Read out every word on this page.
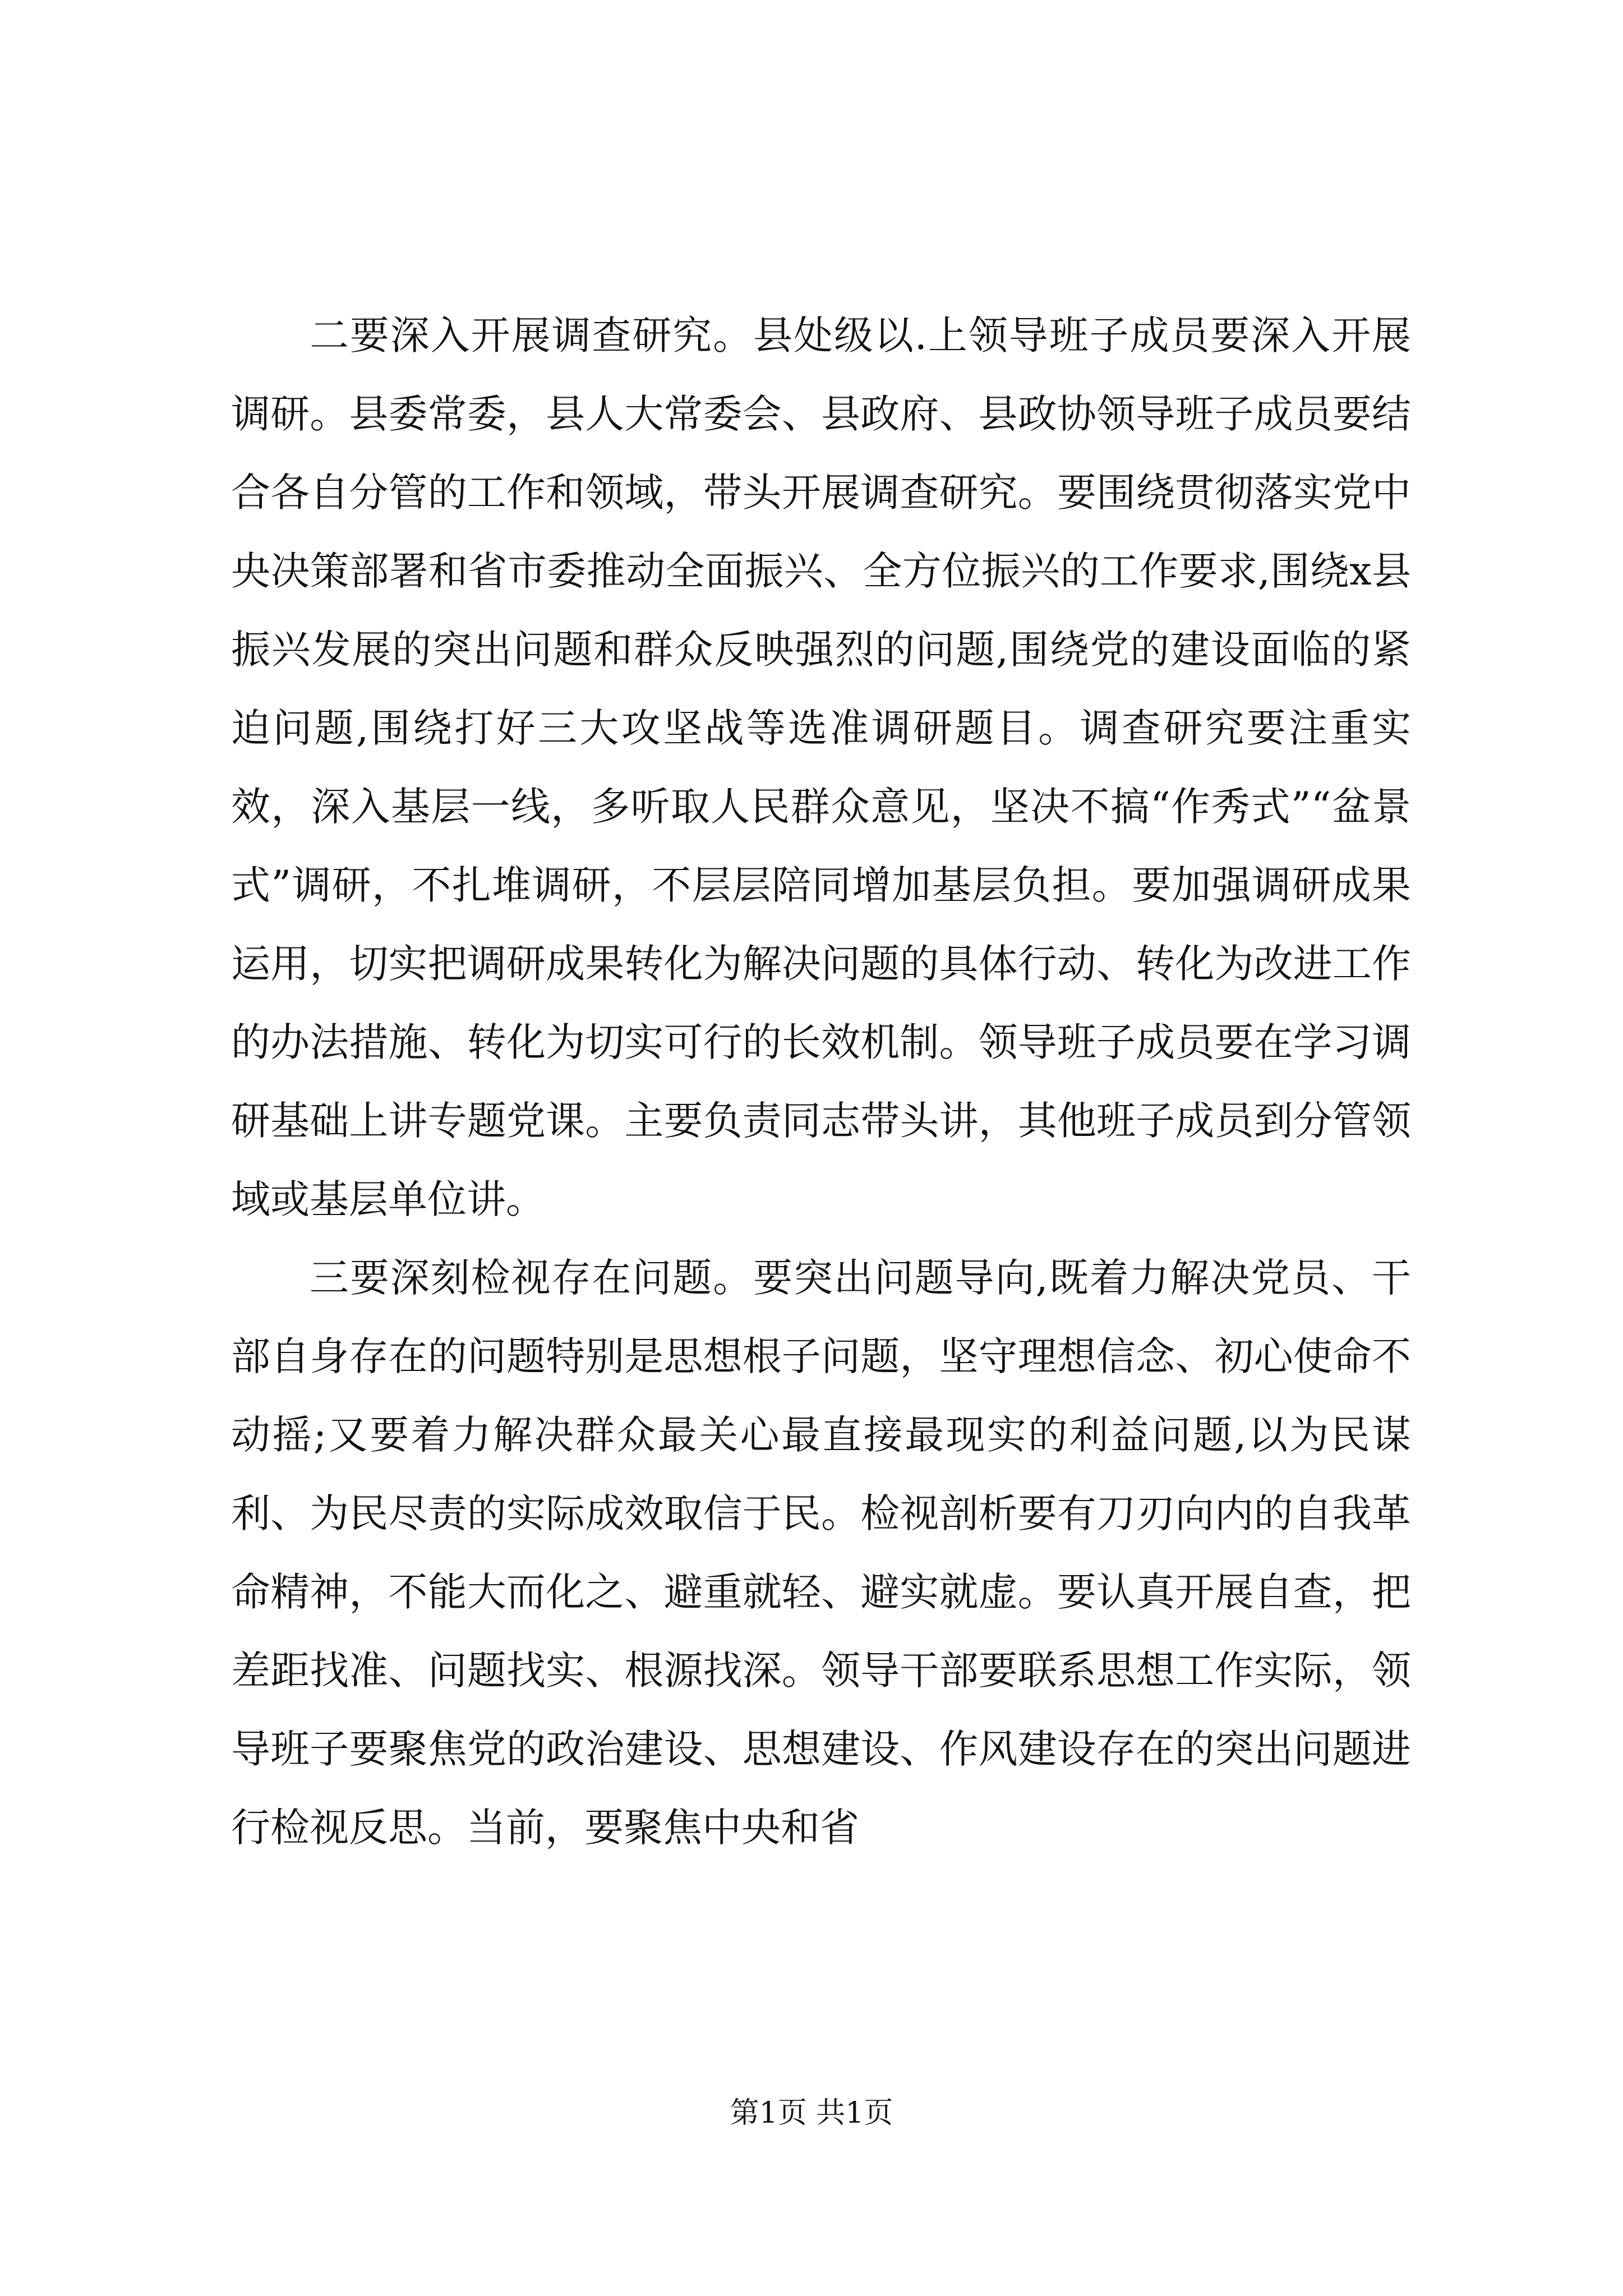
二要深入开展调查研究。县处级以.上领导班子成员要深入开展调研。县委常委，县人大常委会、县政府、县政协领导班子成员要结合各自分管的工作和领域，带头开展调查研究。要围绕贯彻落实党中央决策部署和省市委推动全面振兴、全方位振兴的工作要求,围绕x县振兴发展的突出问题和群众反映强烈的问题,围绕党的建设面临的紧迫问题,围绕打好三大攻坚战等选准调研题目。调查研究要注重实效，深入基层一线，多听取人民群众意见，坚决不搞“作秀式”“盆景式”调研，不扎堆调研，不层层陪同增加基层负担。要加强调研成果运用，切实把调研成果转化为解决问题的具体行动、转化为改进工作的办法措施、转化为切实可行的长效机制。领导班子成员要在学习调研基础上讲专题党课。主要负责同志带头讲，其他班子成员到分管领域或基层单位讲。

三要深刻检视存在问题。要突出问题导向,既着力解决党员、干部自身存在的问题特别是思想根子问题，坚守理想信念、初心使命不动摇;又要着力解决群众最关心最直接最现实的利益问题,以为民谋利、为民尽责的实际成效取信于民。检视剖析要有刀刃向内的自我革命精神，不能大而化之、避重就轻、避实就虚。要认真开展自查，把差距找准、问题找实、根源找深。领导干部要联系思想工作实际，领导班子要聚焦党的政治建设、思想建设、作风建设存在的突出问题进行检视反思。当前，要聚焦中央和省

第1页 共1页
